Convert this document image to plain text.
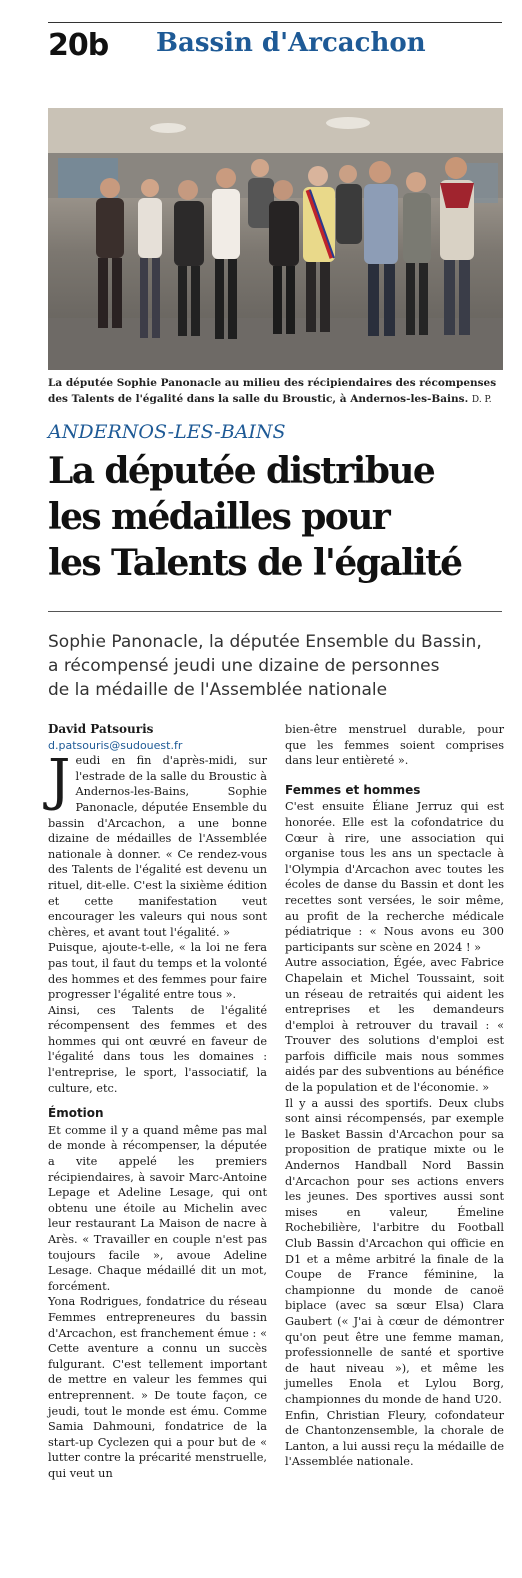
20b Bassin d'Arcachon
La députée Sophie Panonacle au milieu des récipiendaires des récompenses des Talents de l'égalité dans la salle du Broustic, à Andernos-les-Bains. D. P.
ANDERNOS-LES-BAINS
La députée distribue
les médailles pour
les Talents de l'égalité
Sophie Panonacle, la députée Ensemble du Bassin,
a récompensé jeudi une dizaine de personnes
de la médaille de l'Assemblée nationale

David Patsouris

d.patsouris@sudouest.fr

Jeudi en fin d'après-midi, sur l'estrade de la salle du Broustic à Andernos-les-Bains, Sophie Panonacle, députée Ensemble du bassin d'Arcachon, a une bonne dizaine de médailles de l'Assemblée nationale à donner. « Ce rendez-vous des Talents de l'égalité est devenu un rituel, dit-elle. C'est la sixième édition et cette manifestation veut encourager les valeurs qui nous sont chères, et avant tout l'égalité. »

Puisque, ajoute-t-elle, « la loi ne fera pas tout, il faut du temps et la volonté des hommes et des femmes pour faire progresser l'égalité entre tous ».

Ainsi, ces Talents de l'égalité récompensent des femmes et des hommes qui ont œuvré en faveur de l'égalité dans tous les domaines : l'entreprise, le sport, l'associatif, la culture, etc.

Émotion

Et comme il y a quand même pas mal de monde à récompenser, la députée a vite appelé les premiers récipiendaires, à savoir Marc-Antoine Lepage et Adeline Lesage, qui ont obtenu une étoile au Michelin avec leur restaurant La Maison de nacre à Arès. « Travailler en couple n'est pas toujours facile », avoue Adeline Lesage. Chaque médaillé dit un mot, forcément.

Yona Rodrigues, fondatrice du réseau Femmes entrepreneures du bassin d'Arcachon, est franchement émue : « Cette aventure a connu un succès fulgurant. C'est tellement important de mettre en valeur les femmes qui entreprennent. » De toute façon, ce jeudi, tout le monde est ému. Comme Samia Dahmouni, fondatrice de la start-up Cyclezen qui a pour but de « lutter contre la précarité menstruelle, qui veut un

bien-être menstruel durable, pour que les femmes soient comprises dans leur entièreté ».

Femmes et hommes

C'est ensuite Éliane Jerruz qui est honorée. Elle est la cofondatrice du Cœur à rire, une association qui organise tous les ans un spectacle à l'Olympia d'Arcachon avec toutes les écoles de danse du Bassin et dont les recettes sont versées, le soir même, au profit de la recherche médicale pédiatrique : « Nous avons eu 300 participants sur scène en 2024 ! »

Autre association, Égée, avec Fabrice Chapelain et Michel Toussaint, soit un réseau de retraités qui aident les entreprises et les demandeurs d'emploi à retrouver du travail : « Trouver des solutions d'emploi est parfois difficile mais nous sommes aidés par des subventions au bénéfice de la population et de l'économie. »

Il y a aussi des sportifs. Deux clubs sont ainsi récompensés, par exemple le Basket Bassin d'Arcachon pour sa proposition de pratique mixte ou le Andernos Handball Nord Bassin d'Arcachon pour ses actions envers les jeunes. Des sportives aussi sont mises en valeur, Émeline Rochebilière, l'arbitre du Football Club Bassin d'Arcachon qui officie en D1 et a même arbitré la finale de la Coupe de France féminine, la championne du monde de canoë biplace (avec sa sœur Elsa) Clara Gaubert (« J'ai à cœur de démontrer qu'on peut être une femme maman, professionnelle de santé et sportive de haut niveau »), et même les jumelles Enola et Lylou Borg, championnes du monde de hand U20.

Enfin, Christian Fleury, cofondateur de Chantonzensemble, la chorale de Lanton, a lui aussi reçu la médaille de l'Assemblée nationale.
